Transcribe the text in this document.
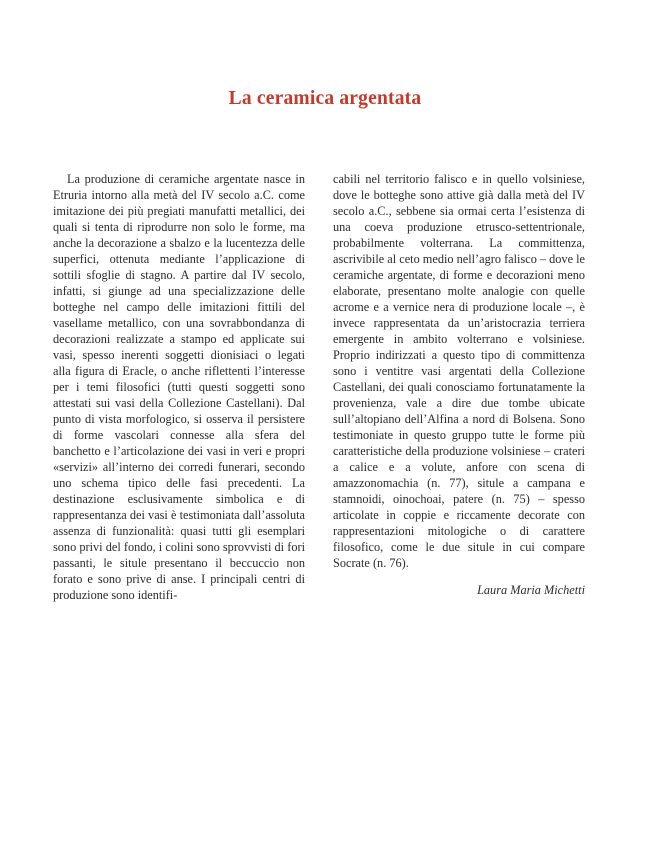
La ceramica argentata

La produzione di ceramiche argentate nasce in Etruria intorno alla metà del IV secolo a.C. come imitazione dei più pregiati manufatti metallici, dei quali si tenta di riprodurre non solo le forme, ma anche la decorazione a sbalzo e la lucentezza delle superfici, ottenuta mediante l’applicazione di sottili sfoglie di stagno. A partire dal IV secolo, infatti, si giunge ad una specializzazione delle botteghe nel campo delle imitazioni fittili del vasellame metallico, con una sovrabbondanza di decorazioni realizzate a stampo ed applicate sui vasi, spesso inerenti soggetti dionisiaci o legati alla figura di Eracle, o anche riflettenti l’interesse per i temi filosofici (tutti questi soggetti sono attestati sui vasi della Collezione Castellani). Dal punto di vista morfologico, si osserva il persistere di forme vascolari connesse alla sfera del banchetto e l’articolazione dei vasi in veri e propri «servizi» all’interno dei corredi funerari, secondo uno schema tipico delle fasi precedenti. La destinazione esclusivamente simbolica e di rappresentanza dei vasi è testimoniata dall’assoluta assenza di funzionalità: quasi tutti gli esemplari sono privi del fondo, i colini sono sprovvisti di fori passanti, le situle presentano il beccuccio non forato e sono prive di anse. I principali centri di produzione sono identifi-

cabili nel territorio falisco e in quello volsiniese, dove le botteghe sono attive già dalla metà del IV secolo a.C., sebbene sia ormai certa l’esistenza di una coeva produzione etrusco-settentrionale, probabilmente volterrana. La committenza, ascrivibile al ceto medio nell’agro falisco – dove le ceramiche argentate, di forme e decorazioni meno elaborate, presentano molte analogie con quelle acrome e a vernice nera di produzione locale –, è invece rappresentata da un’aristocrazia terriera emergente in ambito volterrano e volsiniese. Proprio indirizzati a questo tipo di committenza sono i ventitre vasi argentati della Collezione Castellani, dei quali conosciamo fortunatamente la provenienza, vale a dire due tombe ubicate sull’altopiano dell’Alfina a nord di Bolsena. Sono testimoniate in questo gruppo tutte le forme più caratteristiche della produzione volsiniese – crateri a calice e a volute, anfore con scena di amazzonomachia (n. 77), situle a campana e stamnoidi, oinochoai, patere (n. 75) – spesso articolate in coppie e riccamente decorate con rappresentazioni mitologiche o di carattere filosofico, come le due situle in cui compare Socrate (n. 76).

Laura Maria Michetti
